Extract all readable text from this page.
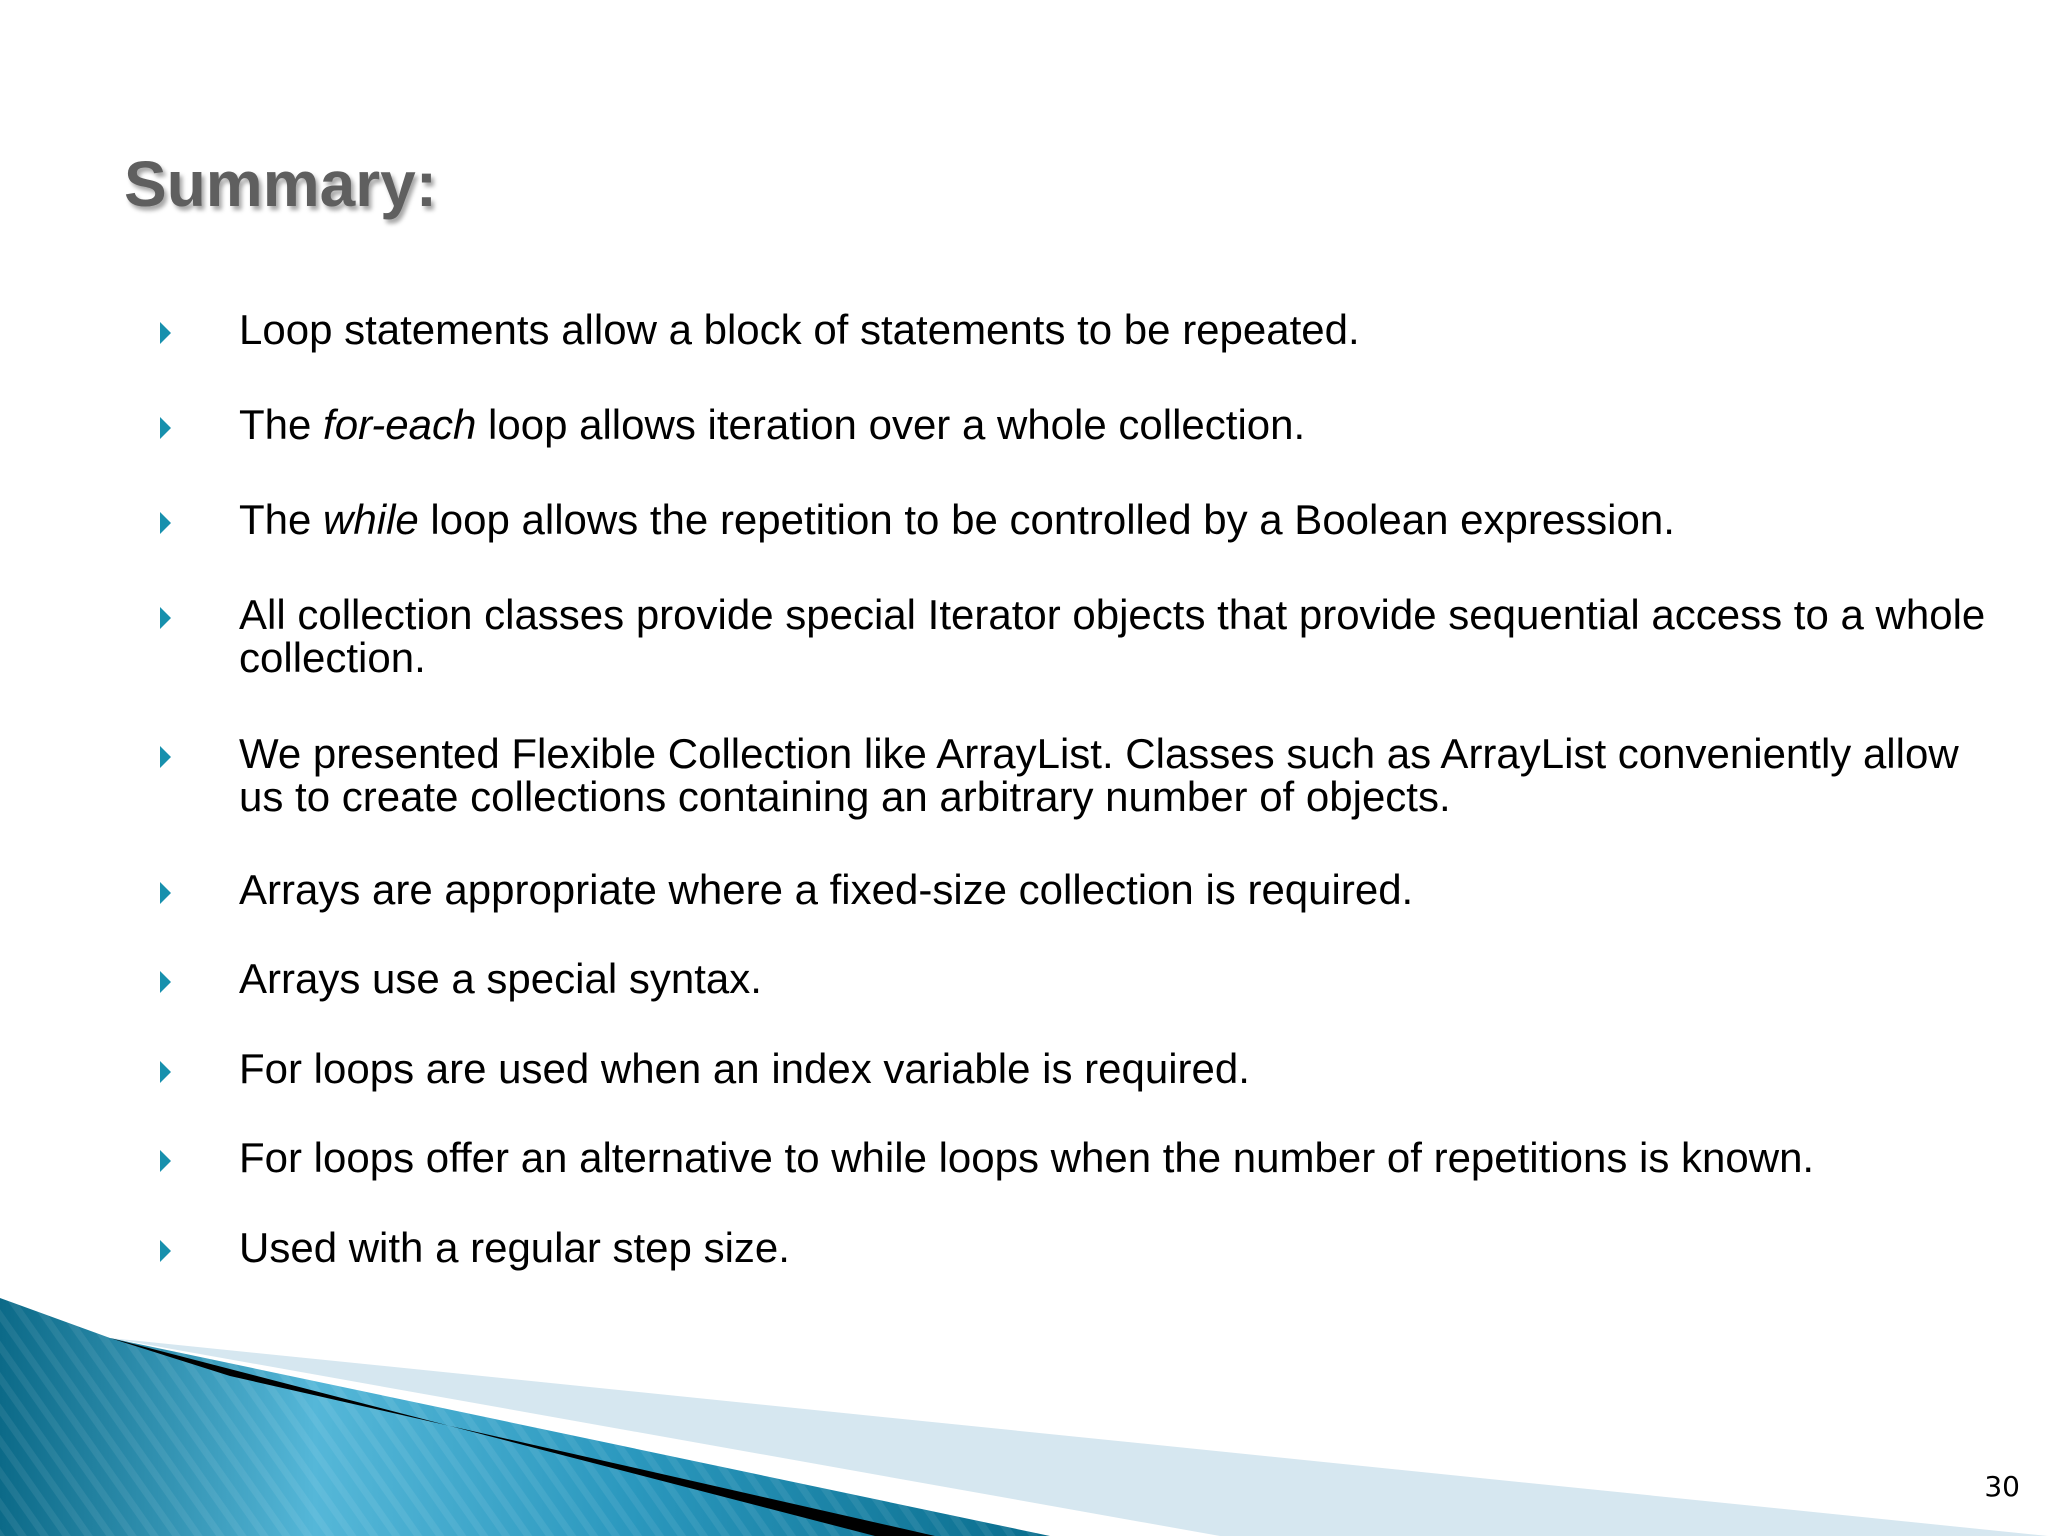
Summary:
Loop statements allow a block of statements to be repeated.
The for-each loop allows iteration over a whole collection.
The while loop allows the repetition to be controlled by a Boolean expression.
All collection classes provide special Iterator objects that provide sequential access to a whole collection.
We presented Flexible Collection like ArrayList. Classes such as ArrayList conveniently allow us to create collections containing an arbitrary number of objects.
Arrays are appropriate where a fixed-size collection is required.
Arrays use a special syntax.
For loops are used when an index variable is required.
For loops offer an alternative to while loops when the number of repetitions is known.
Used with a regular step size.
30
